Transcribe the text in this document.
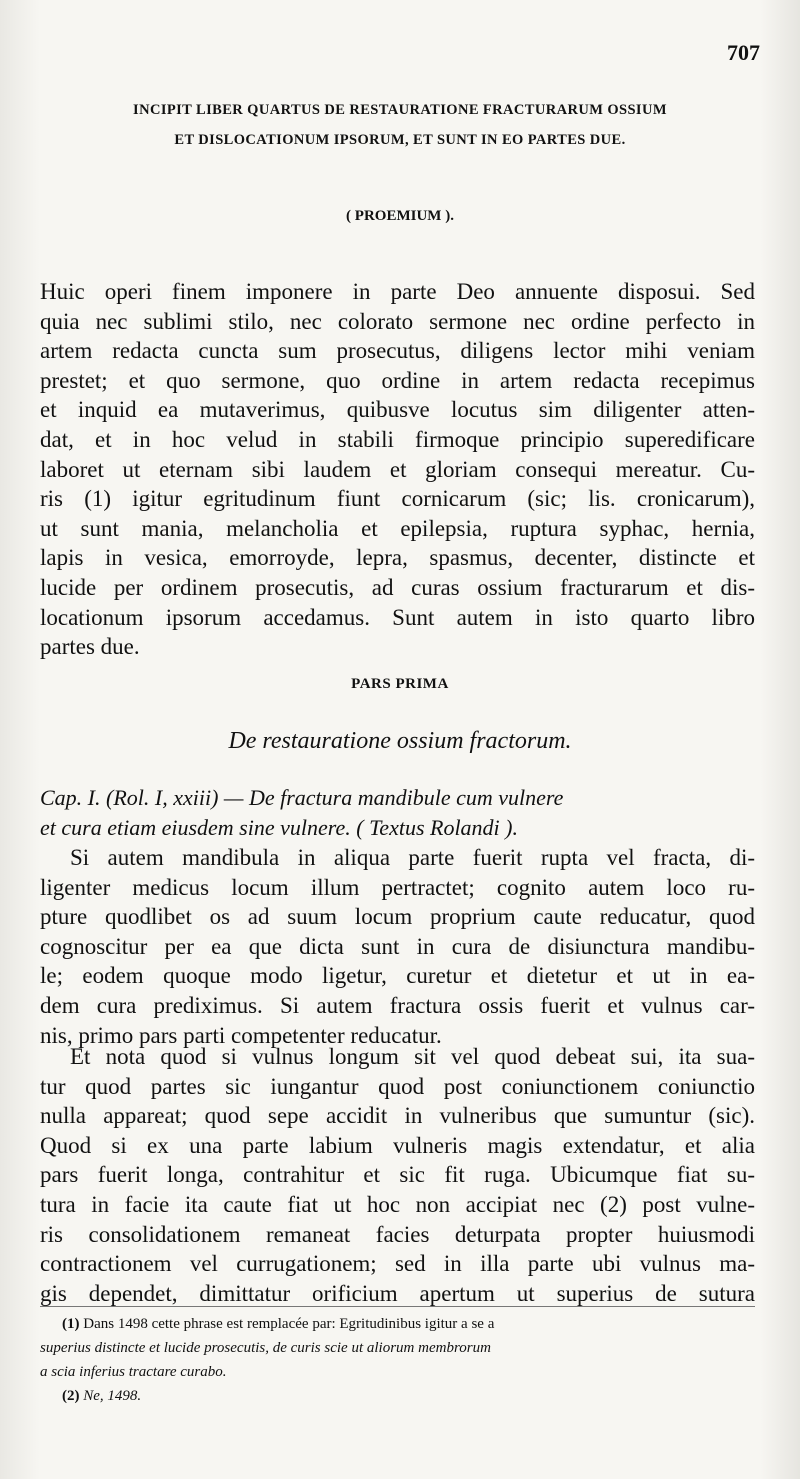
707
INCIPIT LIBER QUARTUS DE RESTAURATIONE FRACTURARUM OSSIUM
ET DISLOCATIONUM IPSORUM, ET SUNT IN EO PARTES DUE.
( PROEMIUM ).
Huic operi finem imponere in parte Deo annuente disposui. Sed
quia nec sublimi stilo, nec colorato sermone nec ordine perfecto in
artem redacta cuncta sum prosecutus, diligens lector mihi veniam
prestet; et quo sermone, quo ordine in artem redacta recepimus
et inquid ea mutaverimus, quibusve locutus sim diligenter atten-
dat, et in hoc velud in stabili firmoque principio superedificare
laboret ut eternam sibi laudem et gloriam consequi mereatur. Cu-
ris (1) igitur egritudinum fiunt cornicarum (sic; lis. cronicarum),
ut sunt mania, melancholia et epilepsia, ruptura syphac, hernia,
lapis in vesica, emorroyde, lepra, spasmus, decenter, distincte et
lucide per ordinem prosecutis, ad curas ossium fracturarum et dis-
locationum ipsorum accedamus. Sunt autem in isto quarto libro
partes due.
PARS PRIMA
De restauratione ossium fractorum.
Cap. I. (Rol. I, xxiii) — De fractura mandibule cum vulnere
et cura etiam eiusdem sine vulnere. ( Textus Rolandi ).
Si autem mandibula in aliqua parte fuerit rupta vel fracta, di-
ligenter medicus locum illum pertractet; cognito autem loco ru-
pture quodlibet os ad suum locum proprium caute reducatur, quod
cognoscitur per ea que dicta sunt in cura de disiunctura mandibu-
le; eodem quoque modo ligetur, curetur et dietetur et ut in ea-
dem cura prediximus. Si autem fractura ossis fuerit et vulnus car-
nis, primo pars parti competenter reducatur.
Et nota quod si vulnus longum sit vel quod debeat sui, ita sua-
tur quod partes sic iungantur quod post coniunctionem coniunctio
nulla appareat; quod sepe accidit in vulneribus que sumuntur (sic).
Quod si ex una parte labium vulneris magis extendatur, et alia
pars fuerit longa, contrahitur et sic fit ruga. Ubicumque fiat su-
tura in facie ita caute fiat ut hoc non accipiat nec (2) post vulne-
ris consolidationem remaneat facies deturpata propter huiusmodi
contractionem vel currugationem; sed in illa parte ubi vulnus ma-
gis dependet, dimittatur orificium apertum ut superius de sutura
(1) Dans 1498 cette phrase est remplacée par: Egritudinibus igitur a se a
superius distincte et lucide prosecutis, de curis scie ut aliorum membrorum
a scia inferius tractare curabo.
(2) Ne, 1498.
